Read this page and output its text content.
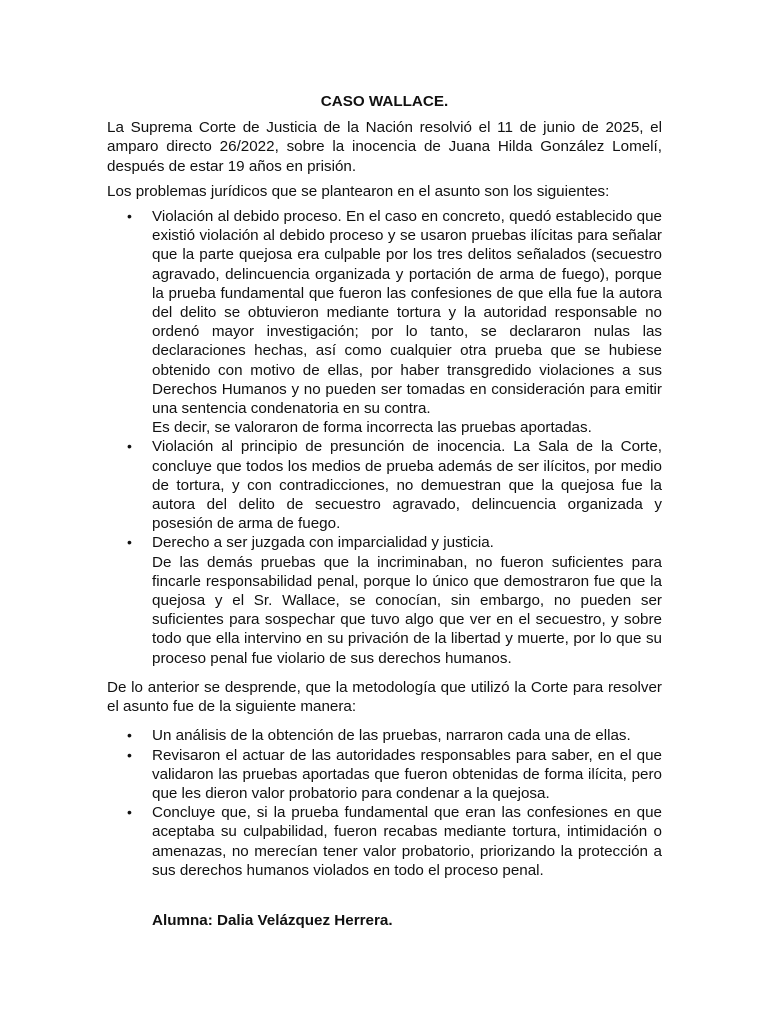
CASO WALLACE.

La Suprema Corte de Justicia de la Nación resolvió el 11 de junio de 2025, el amparo directo 26/2022, sobre la inocencia de Juana Hilda González Lomelí, después de estar 19 años en prisión.

Los problemas jurídicos que se plantearon en el asunto son los siguientes:

• Violación al debido proceso. En el caso en concreto, quedó establecido que existió violación al debido proceso y se usaron pruebas ilícitas para señalar que la parte quejosa era culpable por los tres delitos señalados (secuestro agravado, delincuencia organizada y portación de arma de fuego), porque la prueba fundamental que fueron las confesiones de que ella fue la autora del delito se obtuvieron mediante tortura y la autoridad responsable no ordenó mayor investigación; por lo tanto, se declararon nulas las declaraciones hechas, así como cualquier otra prueba que se hubiese obtenido con motivo de ellas, por haber transgredido violaciones a sus Derechos Humanos y no pueden ser tomadas en consideración para emitir una sentencia condenatoria en su contra.
Es decir, se valoraron de forma incorrecta las pruebas aportadas.
• Violación al principio de presunción de inocencia. La Sala de la Corte, concluye que todos los medios de prueba además de ser ilícitos, por medio de tortura, y con contradicciones, no demuestran que la quejosa fue la autora del delito de secuestro agravado, delincuencia organizada y posesión de arma de fuego.
• Derecho a ser juzgada con imparcialidad y justicia.
De las demás pruebas que la incriminaban, no fueron suficientes para fincarle responsabilidad penal, porque lo único que demostraron fue que la quejosa y el Sr. Wallace, se conocían, sin embargo, no pueden ser suficientes para sospechar que tuvo algo que ver en el secuestro, y sobre todo que ella intervino en su privación de la libertad y muerte, por lo que su proceso penal fue violario de sus derechos humanos.

De lo anterior se desprende, que la metodología que utilizó la Corte para resolver el asunto fue de la siguiente manera:

• Un análisis de la obtención de las pruebas, narraron cada una de ellas.
• Revisaron el actuar de las autoridades responsables para saber, en el que validaron las pruebas aportadas que fueron obtenidas de forma ilícita, pero que les dieron valor probatorio para condenar a la quejosa.
• Concluye que, si la prueba fundamental que eran las confesiones en que aceptaba su culpabilidad, fueron recabas mediante tortura, intimidación o amenazas, no merecían tener valor probatorio, priorizando la protección a sus derechos humanos violados en todo el proceso penal.
Alumna: Dalia Velázquez Herrera.
